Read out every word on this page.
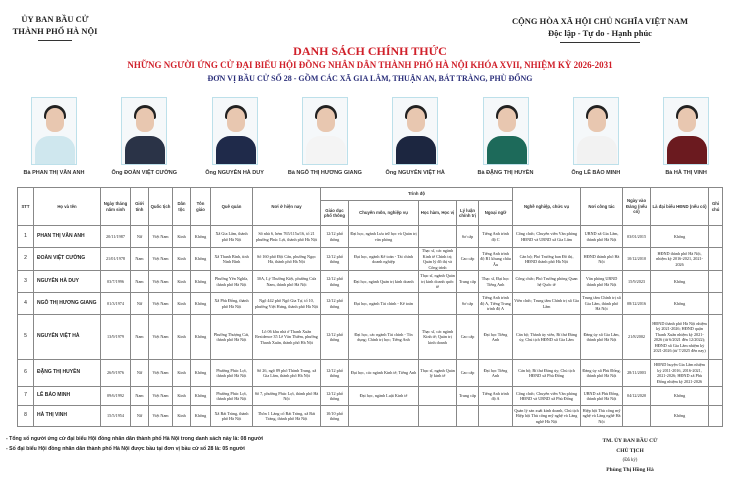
ỦY BAN BẦU CỬ
THÀNH PHỐ HÀ NỘI
CỘNG HÒA XÃ HỘI CHỦ NGHĨA VIỆT NAM
Độc lập - Tự do - Hạnh phúc
DANH SÁCH CHÍNH THỨC
NHỮNG NGƯỜI ỨNG CỬ ĐẠI BIỂU HỘI ĐỒNG NHÂN DÂN THÀNH PHỐ HÀ NỘI KHÓA XVII, NHIỆM KỲ 2026-2031
ĐƠN VỊ BẦU CỬ SỐ 28 - GỒM CÁC XÃ GIA LÂM, THUẬN AN, BÁT TRÀNG, PHÙ ĐỔNG
Bà PHAN THỊ VÂN ANH	Ông ĐOÀN VIỆT CƯỜNG	Ông NGUYỄN HÀ DUY	Bà NGÔ THỊ HƯƠNG GIANG	Ông NGUYỄN VIỆT HÀ	Bà ĐẶNG THỊ HUYỀN	Ông LÊ BẢO MINH	Bà HÀ THỊ VINH
STT	Họ và tên	Ngày tháng năm sinh	Giới tính	Quốc tịch	Dân tộc	Tôn giáo	Quê quán	Nơi ở hiện nay	Trình độ					Nghề nghiệp, chức vụ	Nơi công tác	Ngày vào Đảng (nếu có)	Là đại biểu HĐND (nếu có)	Ghi chú
									Giáo dục phổ thông	Chuyên môn, nghiệp vụ	Học hàm, Học vị	Lý luận chính trị	Ngoại ngữ					
1	PHAN THỊ VÂN ANH	20/11/1987	Nữ	Việt Nam	Kinh	Không	Xã Gia Lâm, thành phố Hà Nội	Số nhà 6, hẻm 765/115a/16, tổ 21 phường Phúc Lợi, thành phố Hà Nội	12/12 phổ thông	Đại học, ngành Lưu trữ học và Quản trị văn phòng		Sơ cấp	Tiếng Anh trình độ C	Công chức; Chuyên viên Văn phòng HĐND và UBND xã Gia Lâm	UBND xã Gia Lâm, thành phố Hà Nội	03/01/2015	Không	
2	ĐOÀN VIỆT CƯỜNG	21/01/1978	Nam	Việt Nam	Kinh	Không	Xã Thanh Bình, tỉnh Ninh Bình	Số 160 phố Đội Cấn, phường Ngọc Hà, thành phố Hà Nội	12/12 phổ thông	Đại học, ngành Kế toán - Tài chính doanh nghiệp	Thạc sĩ, các ngành Kinh tế Chính trị; Quản lý đô thị và Công trình	Cao cấp	Tiếng Anh trình độ B1 khung châu Âu	Cán bộ; Phó Trưởng ban Đô thị, HĐND thành phố Hà Nội	HĐND thành phố Hà Nội	10/12/2010	HĐND thành phố Hà Nội, nhiệm kỳ 2016-2021, 2021-2026	
3	NGUYỄN HÀ DUY	03/7/1996	Nam	Việt Nam	Kinh	Không	Phường Yên Nghĩa, thành phố Hà Nội	30A, Lý Thường Kiệt, phường Cửa Nam, thành phố Hà Nội	12/12 phổ thông	Đại học, ngành Quản trị kinh doanh	Thạc sĩ, ngành Quản trị kinh doanh quốc tế	Trung cấp	Thạc sĩ, Đại học Tiếng Anh	Công chức; Phó Trưởng phòng Quan hệ Quốc tế	Văn phòng UBND thành phố Hà Nội	15/9/2023	Không	
4	NGÔ THỊ HƯƠNG GIANG	01/3/1974	Nữ	Việt Nam	Kinh	Không	Xã Phù Đổng, thành phố Hà Nội	Ngõ 442 phố Ngô Gia Tự, tổ 10, phường Việt Hưng, thành phố Hà Nội	12/12 phổ thông	Đại học, ngành Tài chính - Kế toán		Sơ cấp	Tiếng Anh trình độ A, Tiếng Trung trình độ A	Viên chức; Trung tâm Chính trị xã Gia Lâm	Trung tâm Chính trị xã Gia Lâm, thành phố Hà Nội	08/12/2016	Không	
5	NGUYỄN VIỆT HÀ	13/9/1979	Nam	Việt Nam	Kinh	Không	Phường Thượng Cát, thành phố Hà Nội	Lô 06 khu nhà ở Thanh Xuân Residence 35 Lê Văn Thiêm, phường Thanh Xuân, thành phố Hà Nội	12/12 phổ thông	Đại học, các ngành Tài chính - Tín dụng; Chính trị học; Tiếng Anh	Thạc sĩ, các ngành Kinh tế; Quản trị kinh doanh	Cao cấp	Đại học Tiếng Anh	Cán bộ; Thành ủy viên, Bí thư Đảng ủy, Chủ tịch HĐND xã Gia Lâm	Đảng ủy xã Gia Lâm, thành phố Hà Nội	21/8/2002	HĐND thành phố Hà Nội nhiệm kỳ 2021-2026; HĐND quận Thanh Xuân nhiệm kỳ 2021-2026 (từ 6/2021 đến 12/2022); HĐND xã Gia Lâm nhiệm kỳ 2021-2026 (từ 7/2025 đến nay)	
6	ĐẶNG THỊ HUYỀN	26/9/1976	Nữ	Việt Nam	Kinh	Không	Phường Phúc Lợi, thành phố Hà Nội	Số 26, ngõ 89 phố Thành Trung, xã Gia Lâm, thành phố Hà Nội	12/12 phổ thông	Đại học, các ngành Kinh tế; Tiếng Anh	Thạc sĩ, ngành Quản lý kinh tế	Cao cấp	Đại học Tiếng Anh	Cán bộ; Bí thư Đảng ủy; Chủ tịch HĐND xã Phù Đổng	Đảng ủy xã Phù Đổng, thành phố Hà Nội	28/11/2003	HĐND huyện Gia Lâm nhiệm kỳ 2011-2016, 2016-2021, 2021-2026; HĐND xã Phù Đổng nhiệm kỳ 2021-2026	
7	LÊ BẢO MINH	09/6/1992	Nam	Việt Nam	Kinh	Không	Phường Phúc Lợi, thành phố Hà Nội	Số 7, phường Phúc Lợi, thành phố Hà Nội	12/12 phổ thông	Đại học, ngành Luật Kinh tế		Trung cấp	Tiếng Anh trình độ A	Công chức; Chuyên viên Văn phòng HĐND và UBND xã Phù Đổng	UBND xã Phù Đổng, thành phố Hà Nội	04/12/2020	Không	
8	HÀ THỊ VINH	15/5/1954	Nữ	Việt Nam	Kinh	Không	Xã Bát Tràng, thành phố Hà Nội	Thôn 1 Làng cổ Bát Tràng, xã Bát Tràng, thành phố Hà Nội	10/10 phổ thông					Quản lý sản xuất kinh doanh, Chủ tịch Hiệp hội Thủ công mỹ nghệ và Làng nghề Hà Nội	Hiệp hội Thủ công mỹ nghệ và Làng nghề Hà Nội		Không	
- Tổng số người ứng cử đại biểu Hội đồng nhân dân thành phố Hà Nội trong danh sách này là: 08 người
- Số đại biểu Hội đồng nhân dân thành phố Hà Nội được bầu tại đơn vị bầu cử số 28 là: 05 người
TM. ỦY BAN BẦU CỬ
CHỦ TỊCH
(Đã ký)
Phùng Thị Hồng Hà
